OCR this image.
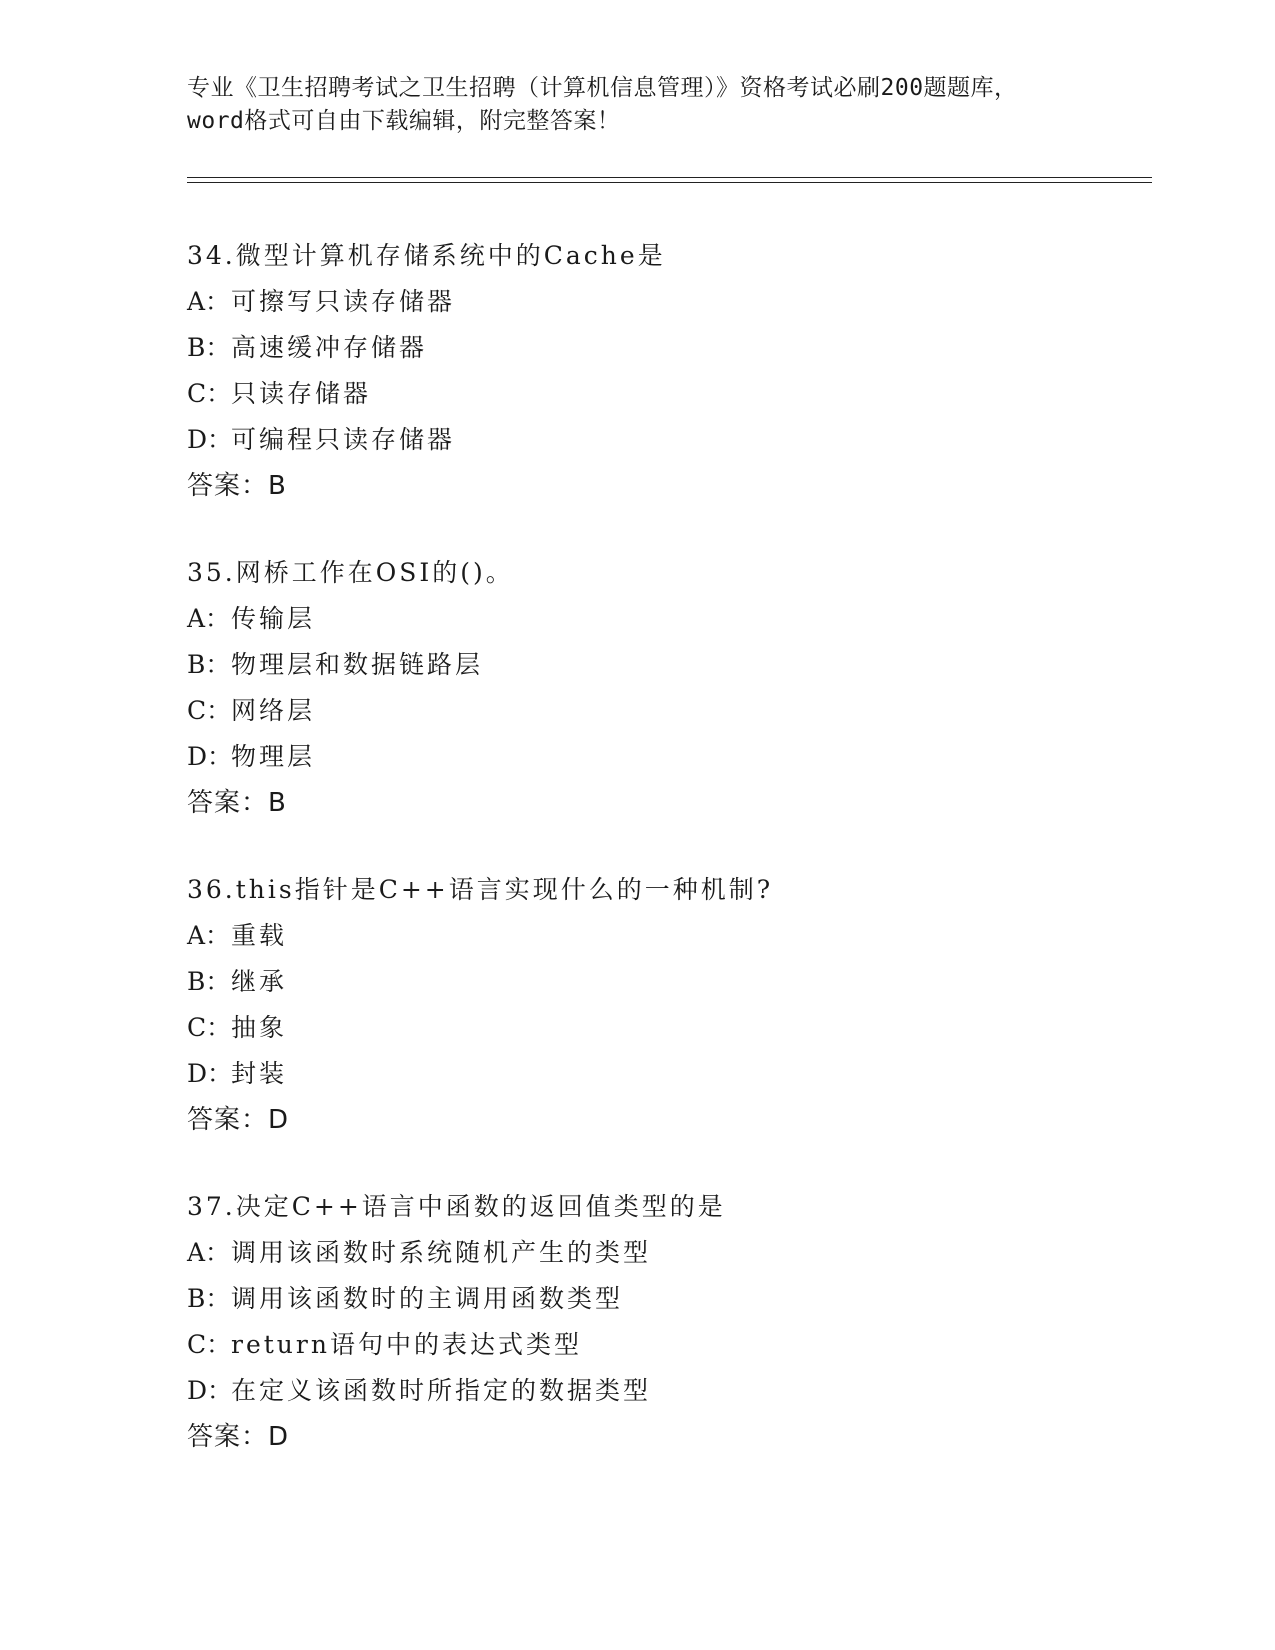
专业《卫生招聘考试之卫生招聘（计算机信息管理）》资格考试必刷200题题库，

word格式可自由下载编辑，附完整答案！

34.微型计算机存储系统中的Cache是
A：可擦写只读存储器
B：高速缓冲存储器
C：只读存储器
D：可编程只读存储器
答案：B
35.网桥工作在OSI的()。
A：传输层
B：物理层和数据链路层
C：网络层
D：物理层
答案：B
36.this指针是C++语言实现什么的一种机制?
A：重载
B：继承
C：抽象
D：封装
答案：D
37.决定C++语言中函数的返回值类型的是
A：调用该函数时系统随机产生的类型
B：调用该函数时的主调用函数类型
C：return语句中的表达式类型
D：在定义该函数时所指定的数据类型
答案：D
